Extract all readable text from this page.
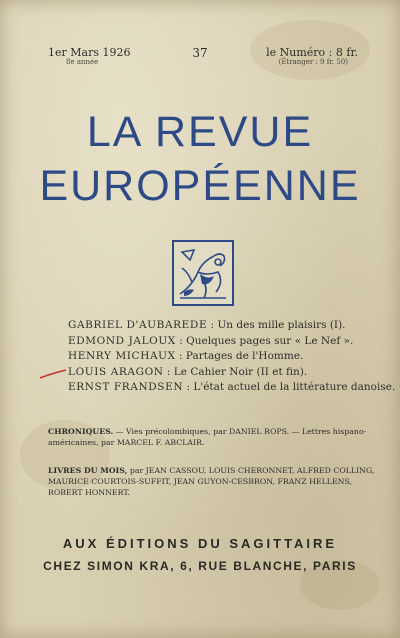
1er Mars 1926
8e année
37	le Numéro : 8 fr.
(Étranger : 9 fr. 50)
LA REVUE
EUROPÉENNE
GABRIEL D'AUBAREDE : Un des mille plaisirs (I).
EDMOND JALOUX : Quelques pages sur « Le Nef ».
HENRY MICHAUX : Partages de l'Homme.
LOUIS ARAGON : Le Cahier Noir (II et fin).
ERNST FRANDSEN : L'état actuel de la littérature danoise.
CHRONIQUES. — Vies précolombiques, par DANIEL ROPS. — Lettres hispano-américaines, par MARCEL F. ABCLAIR.
LIVRES DU MOIS, par JEAN CASSOU, LOUIS CHERONNET, ALFRED COLLING, MAURICE COURTOIS-SUFFIT, JEAN GUYON-CESBRON, FRANZ HELLENS, ROBERT HONNERT.
AUX ÉDITIONS DU SAGITTAIRE
CHEZ SIMON KRA, 6, RUE BLANCHE, PARIS
